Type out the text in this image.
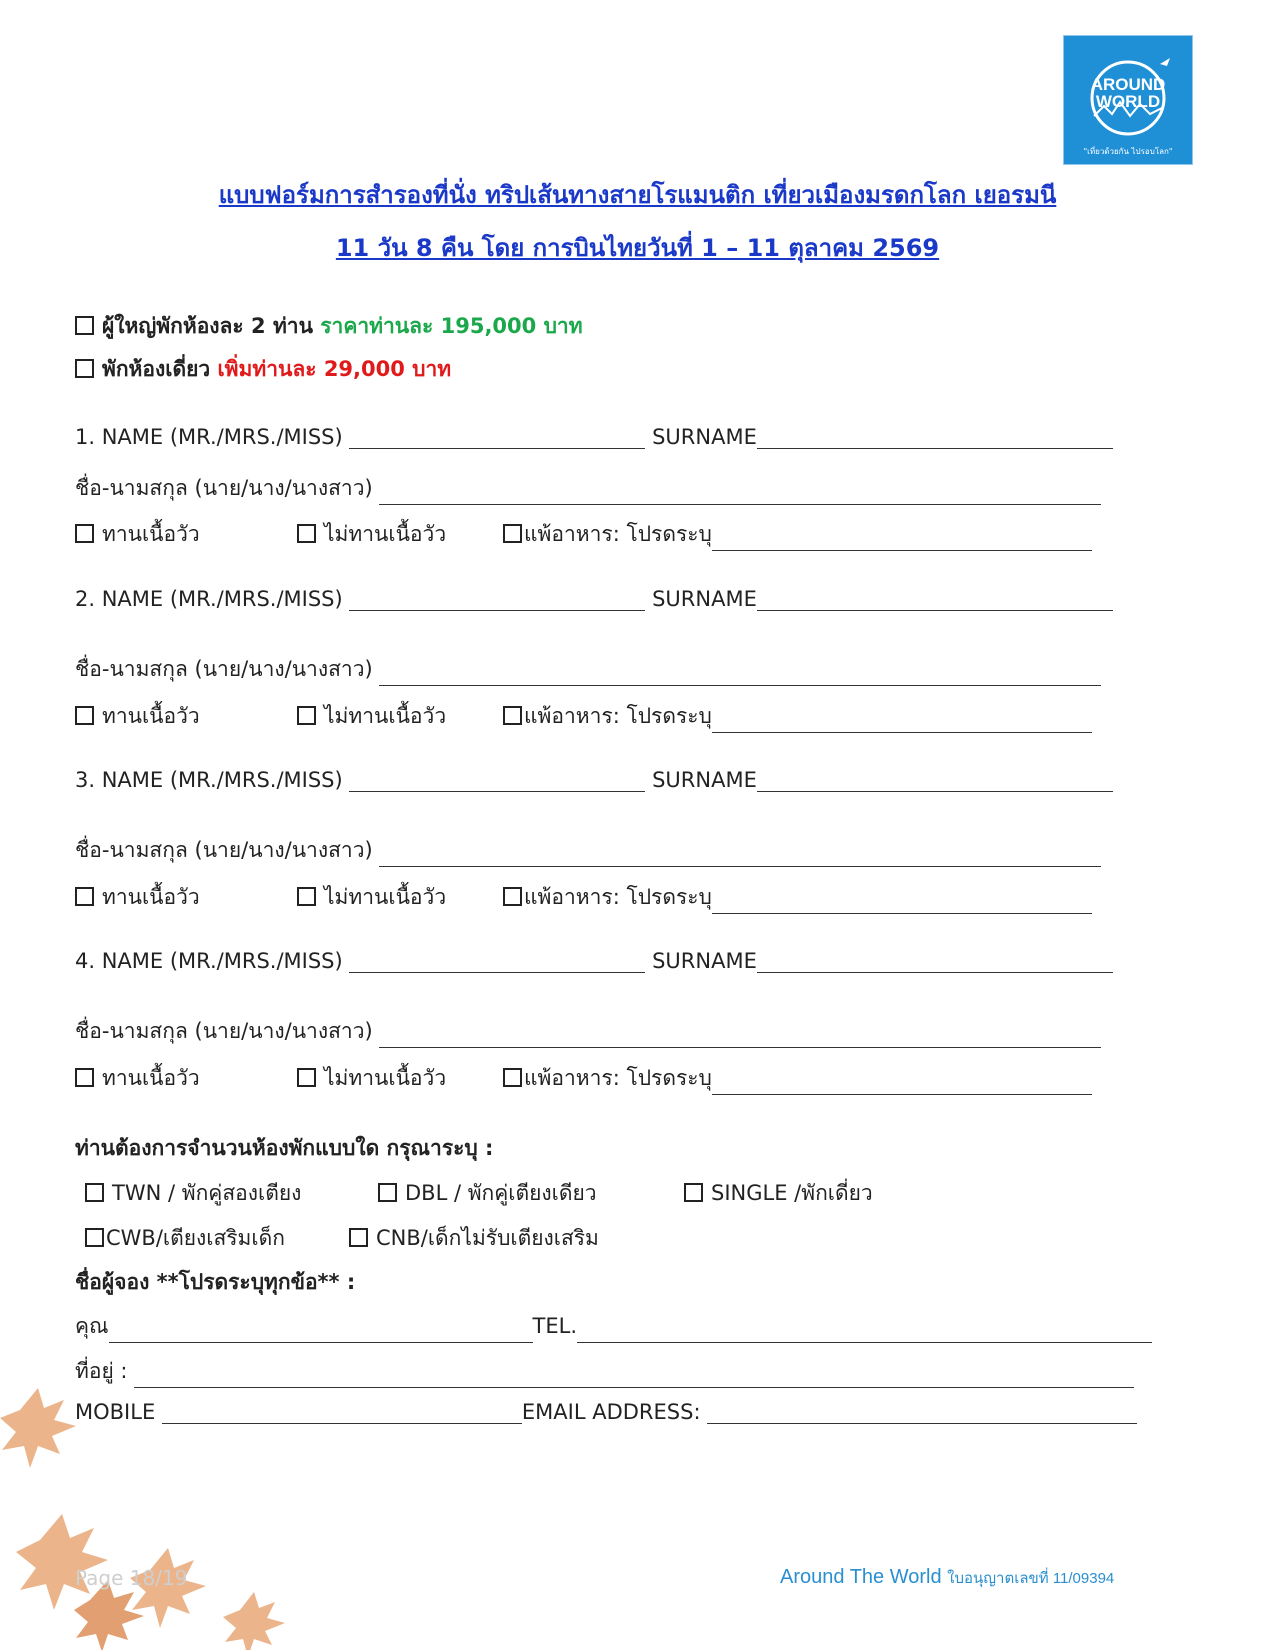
AROUND
WORLD
"เที่ยวด้วยกัน ไปรอบโลก"
แบบฟอร์มการสำรองที่นั่ง ทริปเส้นทางสายโรแมนติก เที่ยวเมืองมรดกโลก เยอรมนี
11 วัน 8 คืน โดย การบินไทยวันที่ 1 – 11 ตุลาคม 2569
ผู้ใหญ่พักห้องละ 2 ท่าน ราคาท่านละ 195,000 บาท
พักห้องเดี่ยว เพิ่มท่านละ 29,000 บาท
1. NAME (MR./MRS./MISS)	SURNAME
ชื่อ-นามสกุล (นาย/นาง/นางสาว)
ทานเนื้อวัว	ไม่ทานเนื้อวัว	แพ้อาหาร: โปรดระบุ
2. NAME (MR./MRS./MISS)	SURNAME
ชื่อ-นามสกุล (นาย/นาง/นางสาว)
ทานเนื้อวัว	ไม่ทานเนื้อวัว	แพ้อาหาร: โปรดระบุ
3. NAME (MR./MRS./MISS)	SURNAME
ชื่อ-นามสกุล (นาย/นาง/นางสาว)
ทานเนื้อวัว	ไม่ทานเนื้อวัว	แพ้อาหาร: โปรดระบุ
4. NAME (MR./MRS./MISS)	SURNAME
ชื่อ-นามสกุล (นาย/นาง/นางสาว)
ทานเนื้อวัว	ไม่ทานเนื้อวัว	แพ้อาหาร: โปรดระบุ
ท่านต้องการจำนวนห้องพักแบบใด กรุณาระบุ :
TWN / พักคู่สองเตียง	DBL / พักคู่เตียงเดียว	SINGLE /พักเดี่ยว
CWB/เตียงเสริมเด็ก	CNB/เด็กไม่รับเตียงเสริม
ชื่อผู้จอง **โปรดระบุทุกข้อ** :
คุณ	TEL.
ที่อยู่ :
MOBILE	EMAIL ADDRESS:
Page 18/19	Around The World ใบอนุญาตเลขที่ 11/09394
